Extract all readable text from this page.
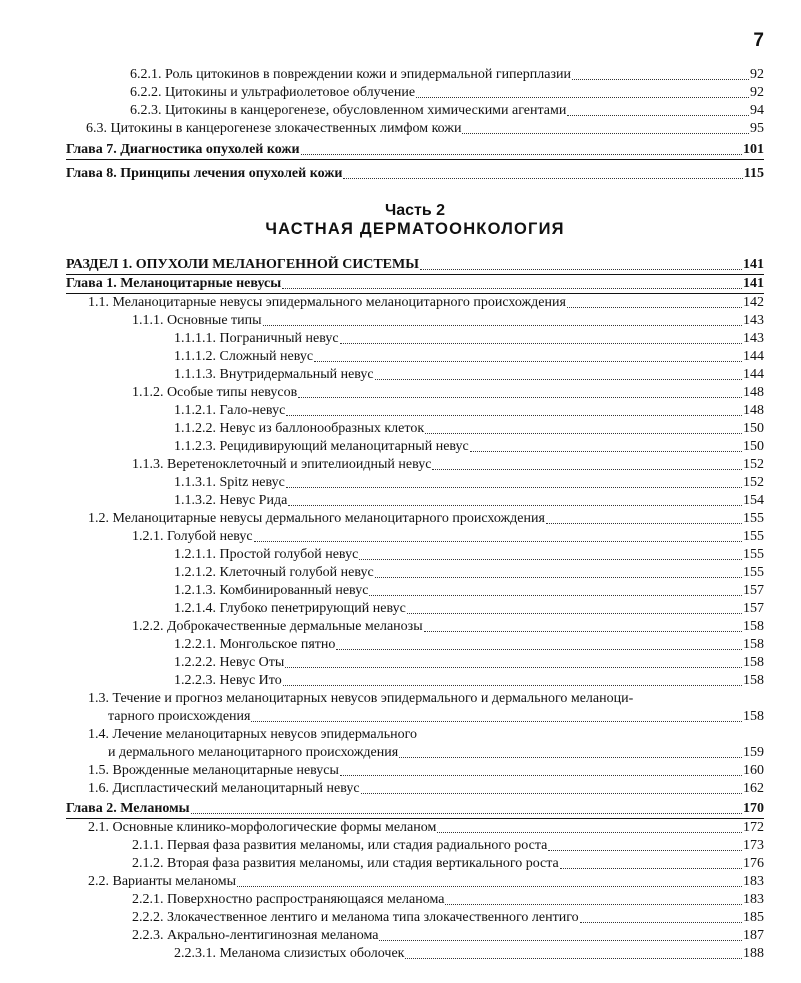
7
6.2.1. Роль цитокинов в повреждении кожи и эпидермальной гиперплазии	92
6.2.2. Цитокины и ультрафиолетовое облучение	92
6.2.3. Цитокины в канцерогенезе, обусловленном химическими агентами	94
6.3. Цитокины в канцерогенезе злокачественных лимфом кожи	95
Глава 7. Диагностика опухолей кожи	101
Глава 8. Принципы лечения опухолей кожи	115
Часть 2
ЧАСТНАЯ ДЕРМАТООНКОЛОГИЯ
РАЗДЕЛ 1. ОПУХОЛИ МЕЛАНОГЕННОЙ СИСТЕМЫ	141
Глава 1. Меланоцитарные невусы	141
1.1. Меланоцитарные невусы эпидермального меланоцитарного происхождения	142
1.1.1. Основные типы	143
1.1.1.1. Пограничный невус	143
1.1.1.2. Сложный невус	144
1.1.1.3. Внутридермальный невус	144
1.1.2. Особые типы невусов	148
1.1.2.1. Гало-невус	148
1.1.2.2. Невус из баллонообразных клеток	150
1.1.2.3. Рецидивирующий меланоцитарный невус	150
1.1.3. Веретеноклеточный и эпителиоидный невус	152
1.1.3.1. Spitz невус	152
1.1.3.2. Невус Рида	154
1.2. Меланоцитарные невусы дермального меланоцитарного происхождения	155
1.2.1. Голубой невус	155
1.2.1.1. Простой голубой невус	155
1.2.1.2. Клеточный голубой невус	155
1.2.1.3. Комбинированный невус	157
1.2.1.4. Глубоко пенетрирующий невус	157
1.2.2. Доброкачественные дермальные меланозы	158
1.2.2.1. Монгольское пятно	158
1.2.2.2. Невус Оты	158
1.2.2.3. Невус Ито	158
1.3. Течение и прогноз меланоцитарных невусов эпидермального и дермального меланоци-
тарного происхождения	158
1.4. Лечение меланоцитарных невусов эпидермального
и дермального меланоцитарного происхождения	159
1.5. Врожденные меланоцитарные невусы	160
1.6. Диспластический меланоцитарный невус	162
Глава 2. Меланомы	170
2.1. Основные клинико-морфологические формы меланом	172
2.1.1. Первая фаза развития меланомы, или стадия радиального роста	173
2.1.2. Вторая фаза развития меланомы, или стадия вертикального роста	176
2.2. Варианты меланомы	183
2.2.1. Поверхностно распространяющаяся меланома	183
2.2.2. Злокачественное лентиго и меланома типа злокачественного лентиго	185
2.2.3. Акрально-лентигинозная меланома	187
2.2.3.1. Меланома слизистых оболочек	188
